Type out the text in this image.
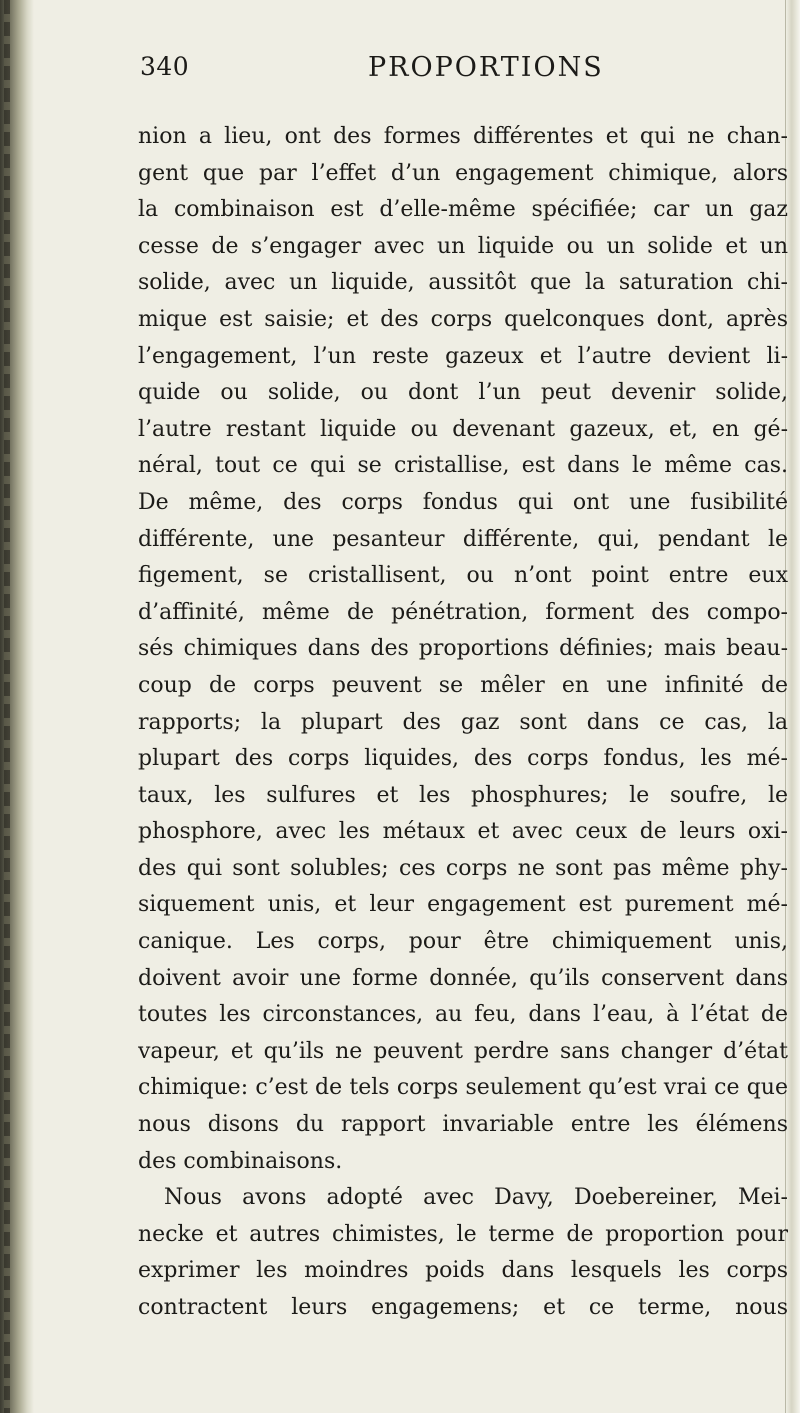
340	PROPORTIONS
nion a lieu, ont des formes différentes et qui ne chan-
gent que par l’effet d’un engagement chimique, alors
la combinaison est d’elle-même spécifiée; car un gaz
cesse de s’engager avec un liquide ou un solide et un
solide, avec un liquide, aussitôt que la saturation chi-
mique est saisie; et des corps quelconques dont, après
l’engagement, l’un reste gazeux et l’autre devient li-
quide ou solide, ou dont l’un peut devenir solide,
l’autre restant liquide ou devenant gazeux, et, en gé-
néral, tout ce qui se cristallise, est dans le même cas.
De même, des corps fondus qui ont une fusibilité
différente, une pesanteur différente, qui, pendant le
figement, se cristallisent, ou n’ont point entre eux
d’affinité, même de pénétration, forment des compo-
sés chimiques dans des proportions définies; mais beau-
coup de corps peuvent se mêler en une infinité de
rapports; la plupart des gaz sont dans ce cas, la
plupart des corps liquides, des corps fondus, les mé-
taux, les sulfures et les phosphures; le soufre, le
phosphore, avec les métaux et avec ceux de leurs oxi-
des qui sont solubles; ces corps ne sont pas même phy-
siquement unis, et leur engagement est purement mé-
canique. Les corps, pour être chimiquement unis,
doivent avoir une forme donnée, qu’ils conservent dans
toutes les circonstances, au feu, dans l’eau, à l’état de
vapeur, et qu’ils ne peuvent perdre sans changer d’état
chimique: c’est de tels corps seulement qu’est vrai ce que
nous disons du rapport invariable entre les élémens
des combinaisons.
Nous avons adopté avec Davy, Doebereiner, Mei-
necke et autres chimistes, le terme de proportion pour
exprimer les moindres poids dans lesquels les corps
contractent leurs engagemens; et ce terme, nous
